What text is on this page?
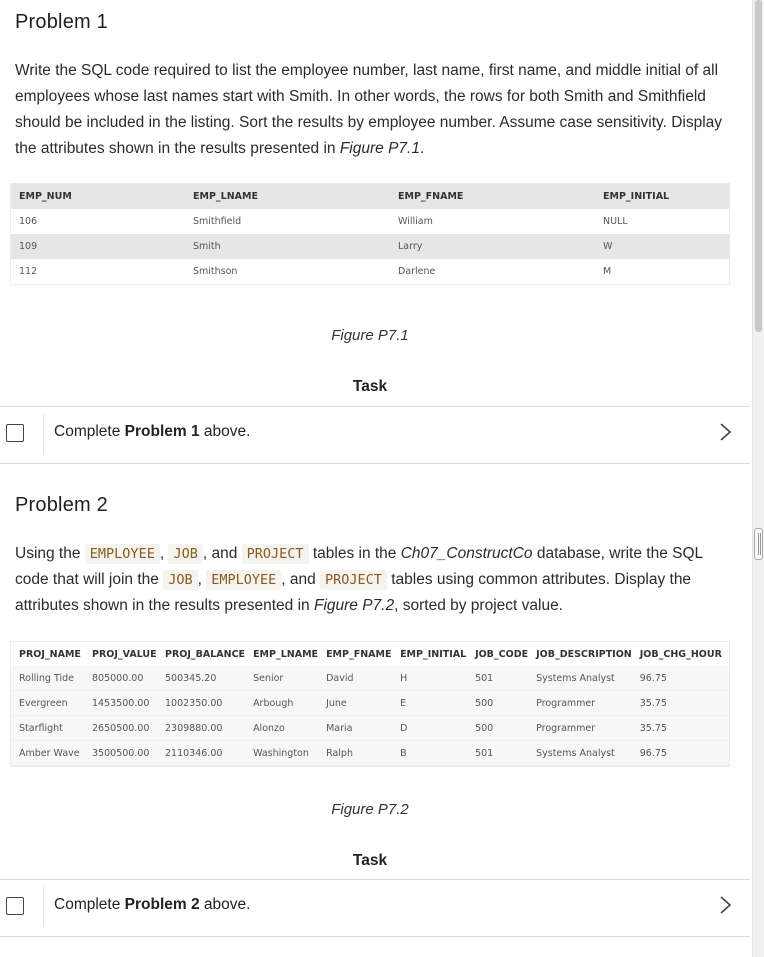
Problem 1

Write the SQL code required to list the employee number, last name, first name, and middle initial of all employees whose last names start with Smith. In other words, the rows for both Smith and Smithfield should be included in the listing. Sort the results by employee number. Assume case sensitivity. Display the attributes shown in the results presented in Figure P7.1.

EMP_NUM	EMP_LNAME	EMP_FNAME	EMP_INITIAL
106	Smithfield	William	NULL
109	Smith	Larry	W
112	Smithson	Darlene	M
Figure P7.1
Task
Complete Problem 1 above.
Problem 2

Using the EMPLOYEE , JOB , and PROJECT tables in the Ch07_ConstructCo database, write the SQL code that will join the JOB , EMPLOYEE , and PROJECT tables using common attributes. Display the attributes shown in the results presented in Figure P7.2, sorted by project value.

PROJ_NAME	PROJ_VALUE	PROJ_BALANCE	EMP_LNAME	EMP_FNAME	EMP_INITIAL	JOB_CODE	JOB_DESCRIPTION	JOB_CHG_HOUR
Rolling Tide	805000.00	500345.20	Senior	David	H	501	Systems Analyst	96.75
Evergreen	1453500.00	1002350.00	Arbough	June	E	500	Programmer	35.75
Starflight	2650500.00	2309880.00	Alonzo	Maria	D	500	Programmer	35.75
Amber Wave	3500500.00	2110346.00	Washington	Ralph	B	501	Systems Analyst	96.75
Figure P7.2
Task
Complete Problem 2 above.
